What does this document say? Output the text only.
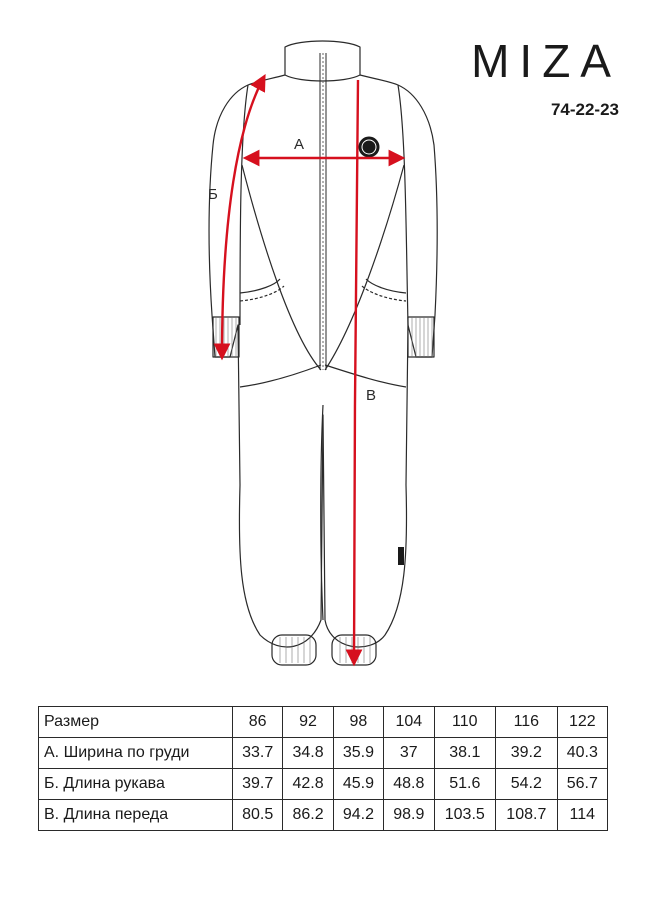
MIZA
74-22-23
А
Б
В
Размер	86	92	98	104	110	116	122
А. Ширина по груди	33.7	34.8	35.9	37	38.1	39.2	40.3
Б. Длина рукава	39.7	42.8	45.9	48.8	51.6	54.2	56.7
В. Длина переда	80.5	86.2	94.2	98.9	103.5	108.7	114
